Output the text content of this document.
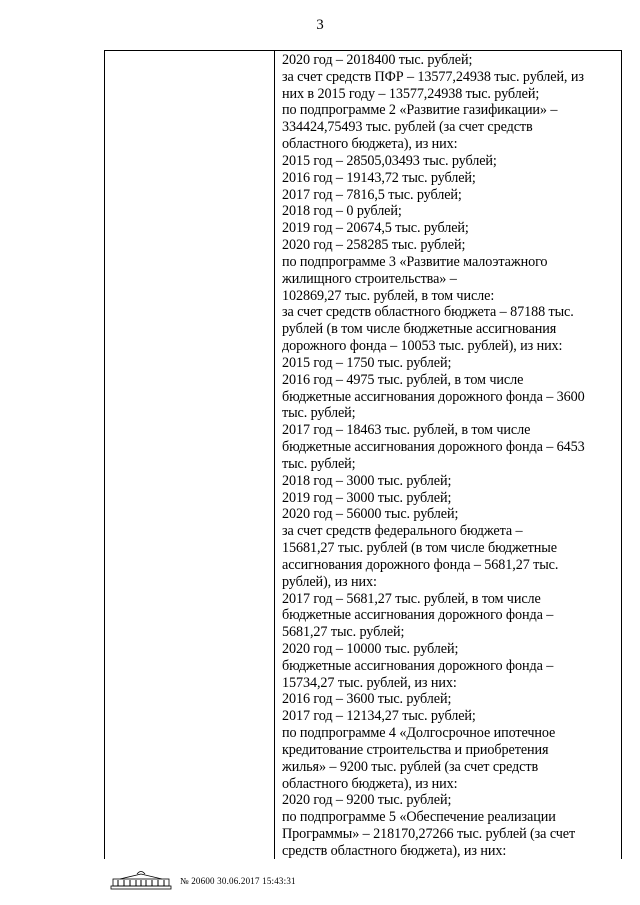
3
2020 год – 2018400 тыс. рублей;
за счет средств ПФР – 13577,24938 тыс. рублей, из
них в 2015 году – 13577,24938 тыс. рублей;
по подпрограмме 2 «Развитие газификации» –
334424,75493 тыс. рублей (за счет средств
областного бюджета), из них:
2015 год – 28505,03493 тыс. рублей;
2016 год – 19143,72 тыс. рублей;
2017 год – 7816,5 тыс. рублей;
2018 год – 0 рублей;
2019 год – 20674,5 тыс. рублей;
2020 год – 258285 тыс. рублей;
по подпрограмме 3 «Развитие малоэтажного
жилищного строительства» –
102869,27 тыс. рублей, в том числе:
за счет средств областного бюджета – 87188 тыс.
рублей (в том числе бюджетные ассигнования
дорожного фонда – 10053 тыс. рублей), из них:
2015 год – 1750 тыс. рублей;
2016 год – 4975 тыс. рублей, в том числе
бюджетные ассигнования дорожного фонда – 3600
тыс. рублей;
2017 год – 18463 тыс. рублей, в том числе
бюджетные ассигнования дорожного фонда – 6453
тыс. рублей;
2018 год – 3000 тыс. рублей;
2019 год – 3000 тыс. рублей;
2020 год – 56000 тыс. рублей;
за счет средств федерального бюджета –
15681,27 тыс. рублей (в том числе бюджетные
ассигнования дорожного фонда – 5681,27 тыс.
рублей), из них:
2017 год – 5681,27 тыс. рублей, в том числе
бюджетные ассигнования дорожного фонда –
5681,27 тыс. рублей;
2020 год – 10000 тыс. рублей;
бюджетные ассигнования дорожного фонда –
15734,27 тыс. рублей, из них:
2016 год – 3600 тыс. рублей;
2017 год – 12134,27 тыс. рублей;
по подпрограмме 4 «Долгосрочное ипотечное
кредитование строительства и приобретения
жилья» – 9200 тыс. рублей (за счет средств
областного бюджета), из них:
2020 год – 9200 тыс. рублей;
по подпрограмме 5 «Обеспечение реализации
Программы» – 218170,27266 тыс. рублей (за счет
средств областного бюджета), из них:
№ 20600 30.06.2017 15:43:31
